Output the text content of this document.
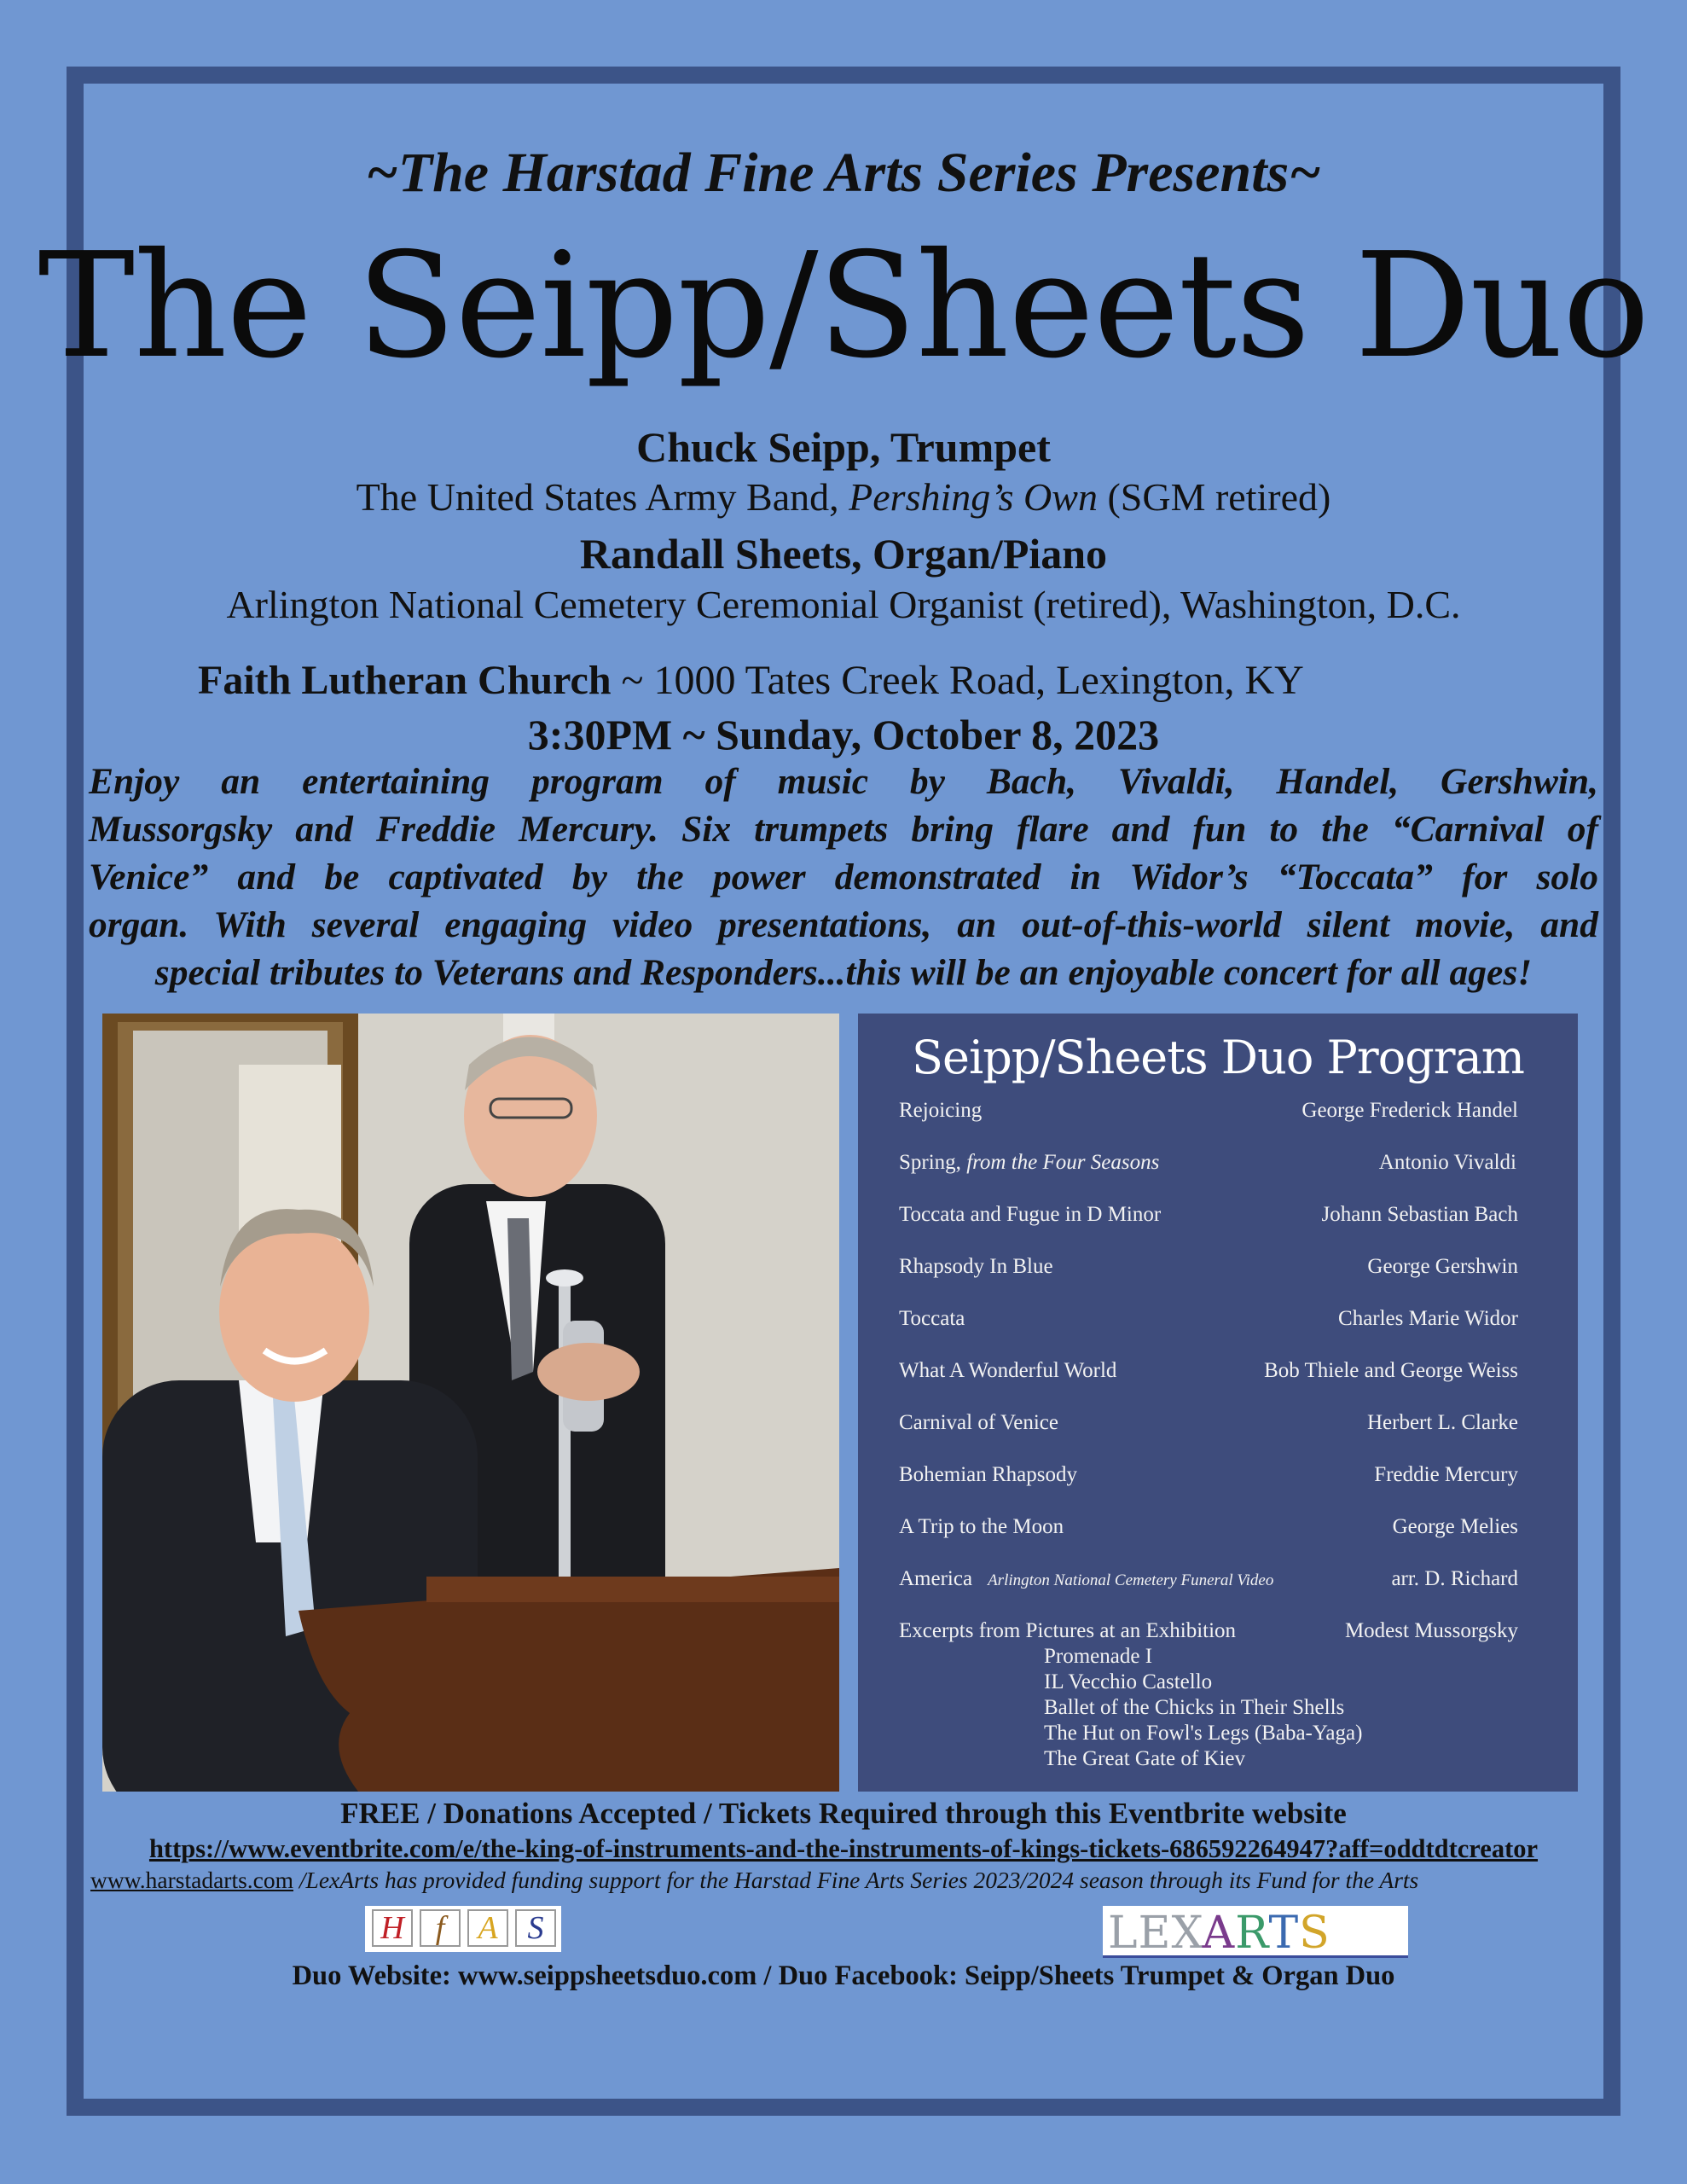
~The Harstad Fine Arts Series Presents~
The Seipp/Sheets Duo
Chuck Seipp, Trumpet
The United States Army Band, Pershing’s Own (SGM retired)
Randall Sheets, Organ/Piano
Arlington National Cemetery Ceremonial Organist (retired), Washington, D.C.
Faith Lutheran Church ~ 1000 Tates Creek Road, Lexington, KY
3:30PM ~ Sunday, October 8, 2023
Enjoy an entertaining program of music by Bach, Vivaldi, Handel, Gershwin,
Mussorgsky and Freddie Mercury. Six trumpets bring flare and fun to the “Carnival of
Venice” and be captivated by the power demonstrated in Widor’s “Toccata” for solo
organ. With several engaging video presentations, an out-of-this-world silent movie, and
special tributes to Veterans and Responders...this will be an enjoyable concert for all ages!
Seipp/Sheets Duo Program
Rejoicing	George Frederick Handel
Spring, from the Four Seasons	Antonio Vivaldi
Toccata and Fugue in D Minor	Johann Sebastian Bach
Rhapsody In Blue	George Gershwin
Toccata	Charles Marie Widor
What A Wonderful World	Bob Thiele and George Weiss
Carnival of Venice	Herbert L. Clarke
Bohemian Rhapsody	Freddie Mercury
A Trip to the Moon	George Melies
America Arlington National Cemetery Funeral Video	arr. D. Richard
Excerpts from Pictures at an Exhibition	Modest Mussorgsky
Promenade I
IL Vecchio Castello
Ballet of the Chicks in Their Shells
The Hut on Fowl's Legs (Baba-Yaga)
The Great Gate of Kiev
FREE / Donations Accepted / Tickets Required through this Eventbrite website
https://www.eventbrite.com/e/the-king-of-instruments-and-the-instruments-of-kings-tickets-686592264947?aff=oddtdtcreator
www.harstadarts.com /LexArts has provided funding support for the Harstad Fine Arts Series 2023/2024 season through its Fund for the Arts
H f	A S	LEXARTS
Duo Website: www.seippsheetsduo.com / Duo Facebook: Seipp/Sheets Trumpet & Organ Duo
